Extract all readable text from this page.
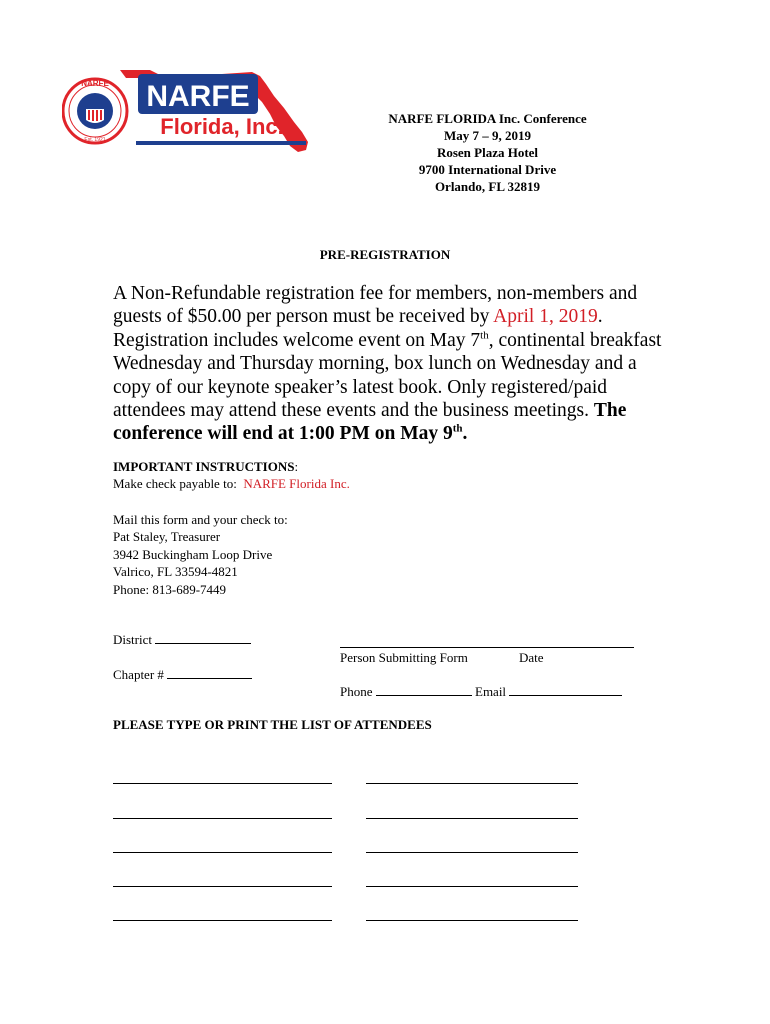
NARFE
Florida, Inc.
NARFE
Est. 1921
NARFE FLORIDA Inc. Conference
May 7 – 9, 2019
Rosen Plaza Hotel
9700 International Drive
Orlando, FL 32819
PRE-REGISTRATION

A Non-Refundable registration fee for members, non-members and guests of $50.00 per person must be received by April 1, 2019. Registration includes welcome event on May 7th, continental breakfast Wednesday and Thursday morning, box lunch on Wednesday and a copy of our keynote speaker’s latest book. Only registered/paid attendees may attend these events and the business meetings. The conference will end at 1:00 PM on May 9th.

IMPORTANT INSTRUCTIONS:
Make check payable to: NARFE Florida Inc.
Mail this form and your check to:
Pat Staley, Treasurer
3942 Buckingham Loop Drive
Valrico, FL 33594-4821
Phone: 813-689-7449
District
Person Submitting Form	Date
Chapter #
Phone	Email
PLEASE TYPE OR PRINT THE LIST OF ATTENDEES
